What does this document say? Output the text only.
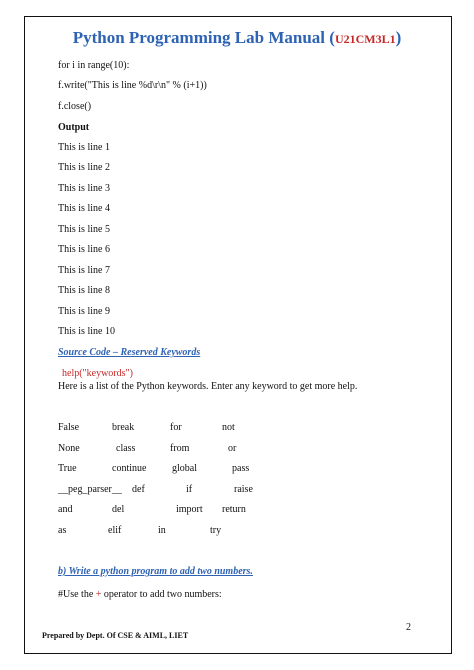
Python Programming Lab Manual (U21CM3L1)
for i in range(10):
f.write("This is line %d\r\n" % (i+1))
f.close()
Output
This is line 1
This is line 2
This is line 3
This is line 4
This is line 5
This is line 6
This is line 7
This is line 8
This is line 9
This is line 10
Source Code – Reserved Keywords
help("keywords")
Here is a list of the Python keywords. Enter any keyword to get more help.
False	break	for	not
None	class	from	or
True	continue	global	pass
__peg_parser__ def	if	raise
and	del	import return
as	elif	in	try
b) Write a python program to add two numbers.
#Use the + operator to add two numbers:
2
Prepared by Dept. Of CSE & AIML, LIET
